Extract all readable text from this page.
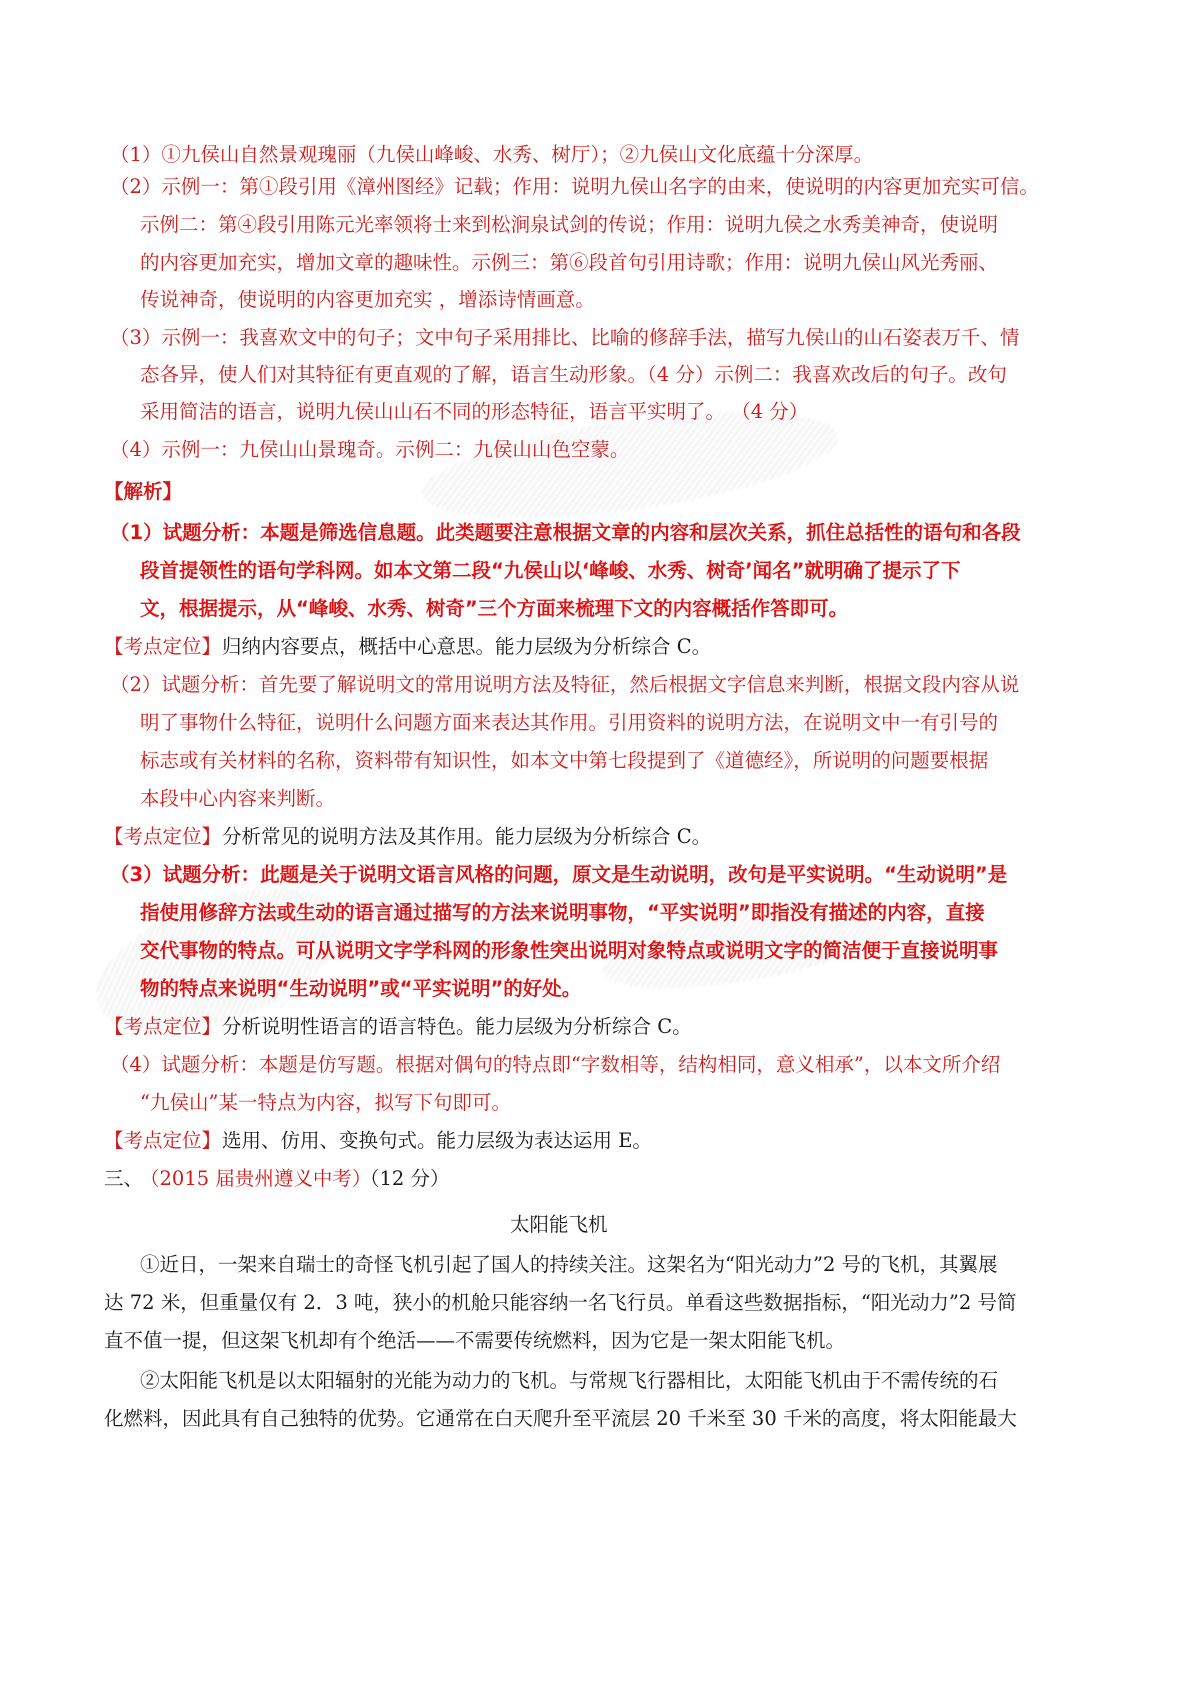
（1）①九侯山自然景观瑰丽（九侯山峰峻、水秀、树厅）；②九侯山文化底蕴十分深厚。
（2）示例一：第①段引用《漳州图经》记载；作用：说明九侯山名字的由来，使说明的内容更加充实可信。
示例二：第④段引用陈元光率领将士来到松涧泉试剑的传说；作用：说明九侯之水秀美神奇，使说明
的内容更加充实，增加文章的趣味性。示例三：第⑥段首句引用诗歌；作用：说明九侯山风光秀丽、
传说神奇，使说明的内容更加充实 ，增添诗情画意。
（3）示例一：我喜欢文中的句子；文中句子采用排比、比喻的修辞手法，描写九侯山的山石姿表万千、情
态各异，使人们对其特征有更直观的了解，语言生动形象。（4 分）示例二：我喜欢改后的句子。改句
采用简洁的语言，说明九侯山山石不同的形态特征，语言平实明了。 （4 分）
（4）示例一：九侯山山景瑰奇。示例二：九侯山山色空蒙。
【解析】
（1）试题分析：本题是筛选信息题。此类题要注意根据文章的内容和层次关系，抓住总括性的语句和各段
段首提领性的语句学科网。如本文第二段“九侯山以‘峰峻、水秀、树奇’闻名”就明确了提示了下
文，根据提示，从“峰峻、水秀、树奇”三个方面来梳理下文的内容概括作答即可。
【考点定位】 归纳内容要点，概括中心意思。能力层级为分析综合 C。
（2）试题分析：首先要了解说明文的常用说明方法及特征，然后根据文字信息来判断，根据文段内容从说
明了事物什么特征，说明什么问题方面来表达其作用。引用资料的说明方法，在说明文中一有引号的
标志或有关材料的名称，资料带有知识性，如本文中第七段提到了《道德经》，所说明的问题要根据
本段中心内容来判断。
【考点定位】 分析常见的说明方法及其作用。能力层级为分析综合 C。
（3）试题分析：此题是关于说明文语言风格的问题，原文是生动说明，改句是平实说明。“生动说明”是
指使用修辞方法或生动的语言通过描写的方法来说明事物，“平实说明”即指没有描述的内容，直接
交代事物的特点。可从说明文字学科网的形象性突出说明对象特点或说明文字的简洁便于直接说明事
物的特点来说明“生动说明”或“平实说明”的好处。
【考点定位】 分析说明性语言的语言特色。能力层级为分析综合 C。
（4）试题分析：本题是仿写题。根据对偶句的特点即“字数相等，结构相同，意义相承”，以本文所介绍
“九侯山”某一特点为内容，拟写下句即可。
【考点定位】 选用、仿用、变换句式。能力层级为表达运用 E。
三、
（2015 届贵州遵义中考）
（12 分）
太阳能飞机
①近日，一架来自瑞士的奇怪飞机引起了国人的持续关注。这架名为“阳光动力”2 号的飞机，其翼展
达 72 米，但重量仅有 2．3 吨，狭小的机舱只能容纳一名飞行员。单看这些数据指标，“阳光动力”2 号简
直不值一提，但这架飞机却有个绝活——不需要传统燃料，因为它是一架太阳能飞机。
②太阳能飞机是以太阳辐射的光能为动力的飞机。与常规飞行器相比，太阳能飞机由于不需传统的石
化燃料，因此具有自己独特的优势。它通常在白天爬升至平流层 20 千米至 30 千米的高度，将太阳能最大
